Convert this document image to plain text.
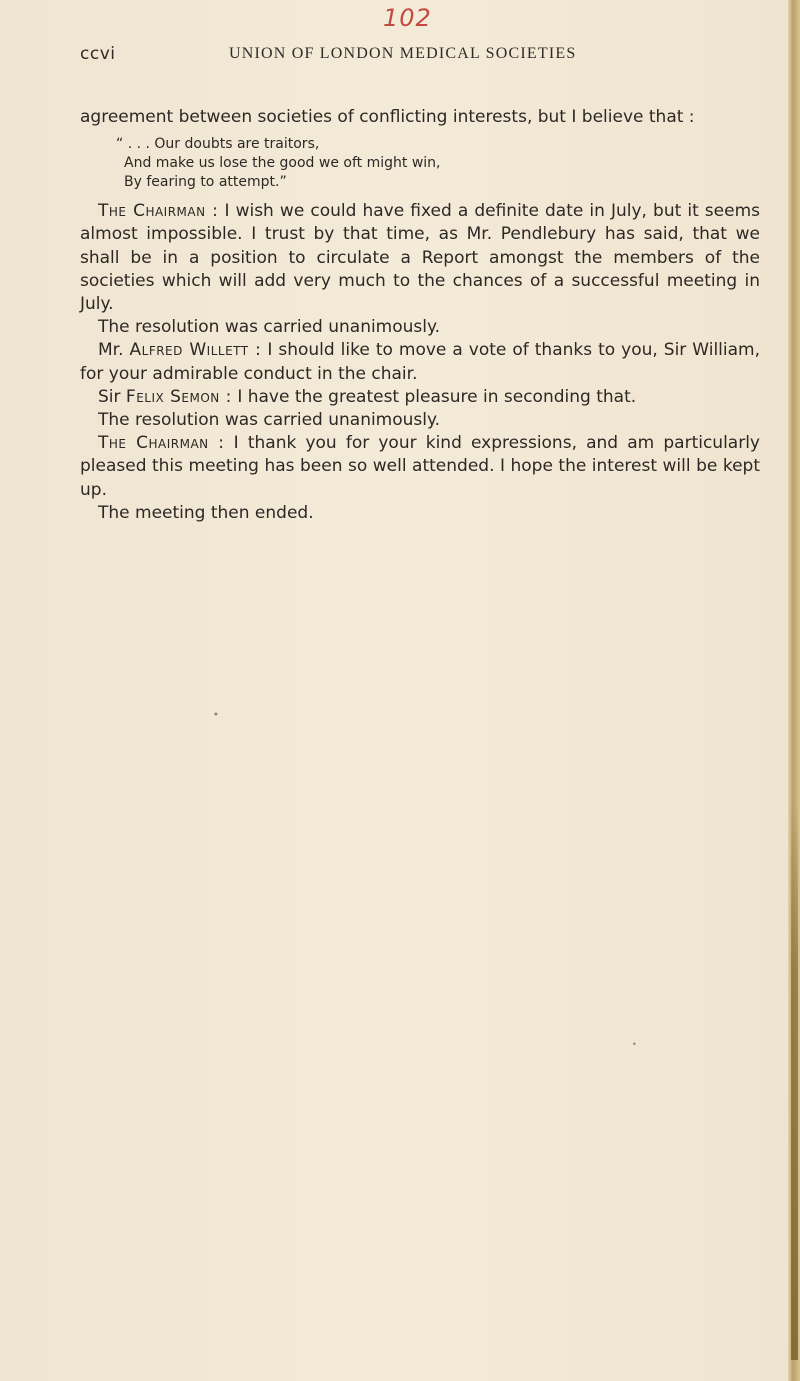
102
ccvi	UNION OF LONDON MEDICAL SOCIETIES

agreement between societies of conflicting interests, but I believe that :

“ . . . Our doubts are traitors,
And make us lose the good we oft might win,
By fearing to attempt.”

The Chairman : I wish we could have fixed a definite date in July, but it seems almost impossible. I trust by that time, as Mr. Pendlebury has said, that we shall be in a position to circulate a Report amongst the members of the societies which will add very much to the chances of a successful meeting in July.

The resolution was carried unanimously.

Mr. Alfred Willett : I should like to move a vote of thanks to you, Sir William, for your admirable conduct in the chair.

Sir Felix Semon : I have the greatest pleasure in seconding that.

The resolution was carried unanimously.

The Chairman : I thank you for your kind expressions, and am particularly pleased this meeting has been so well attended. I hope the interest will be kept up.

The meeting then ended.

•
•
